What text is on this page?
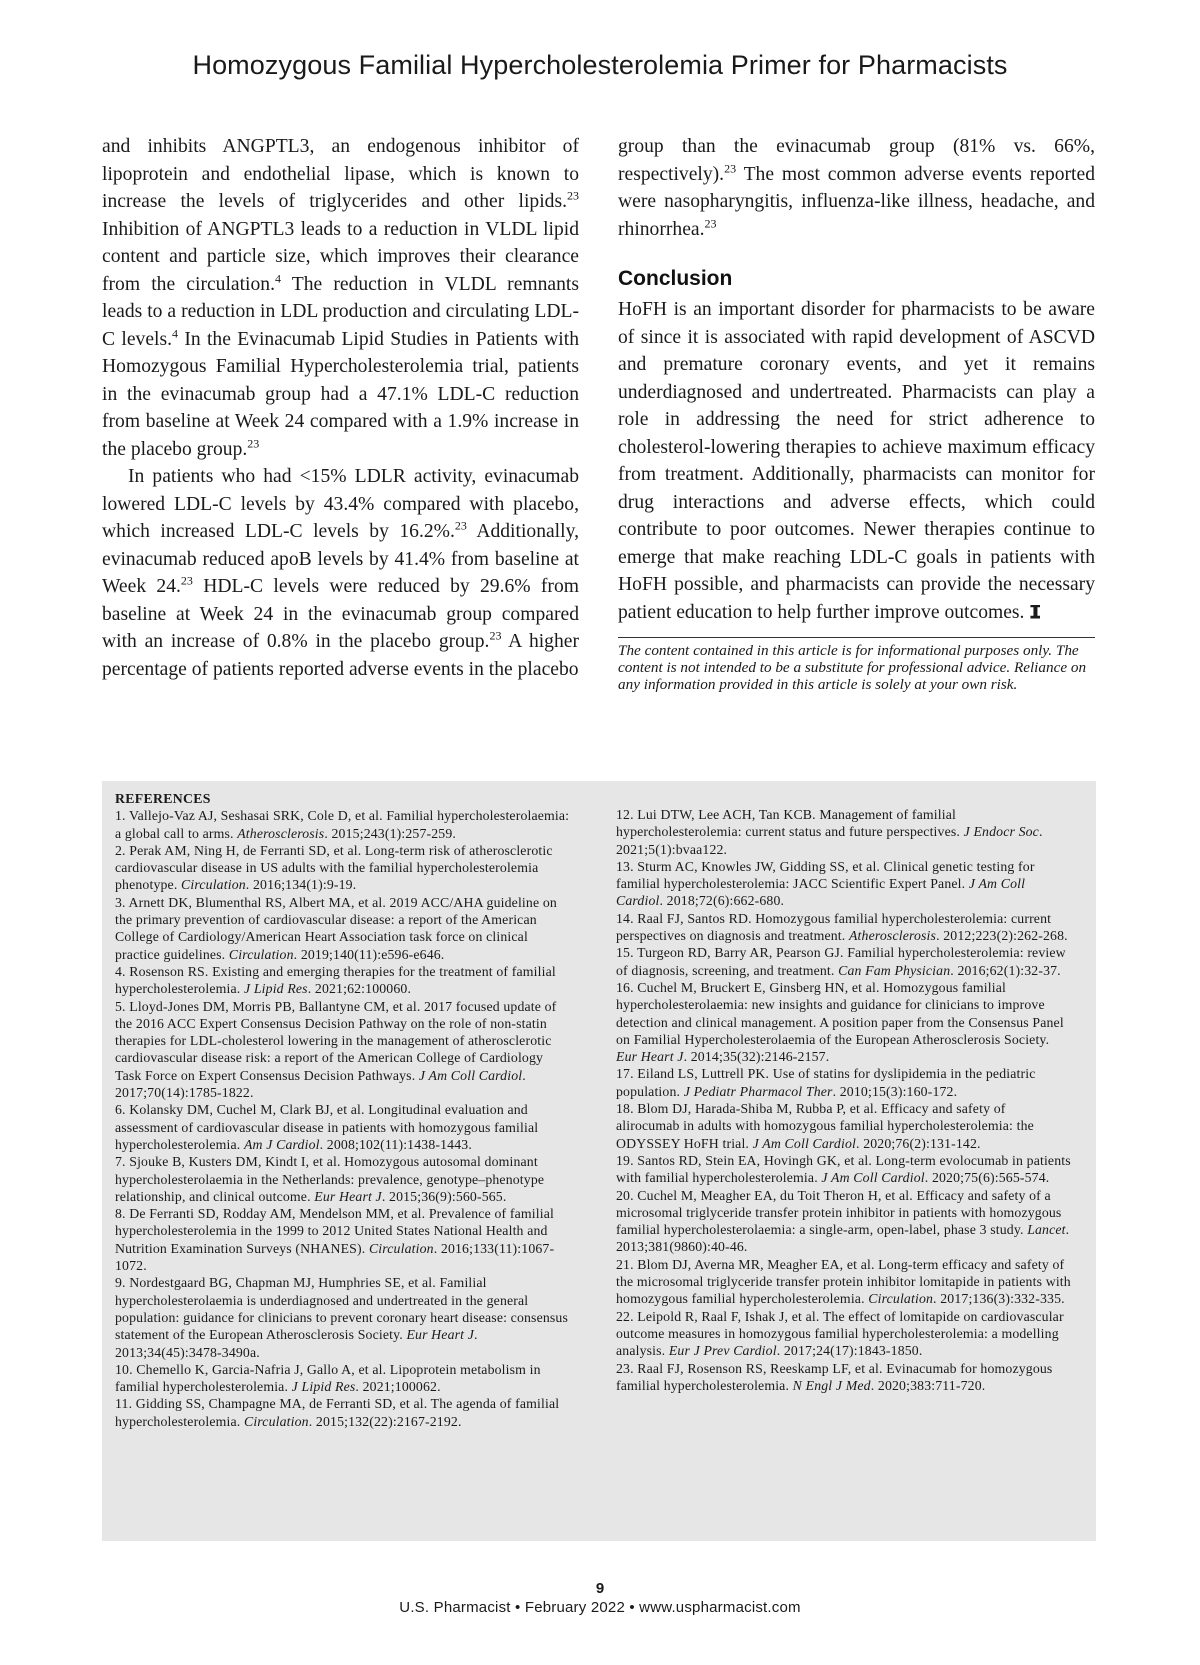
Homozygous Familial Hypercholesterolemia Primer for Pharmacists

and inhibits ANGPTL3, an endogenous inhibitor of lipoprotein and endothelial lipase, which is known to increase the levels of triglycerides and other lipids.$^{23}$ Inhibition of ANGPTL3 leads to a reduction in VLDL lipid content and particle size, which improves their clearance from the circulation.$^4$ The reduction in VLDL remnants leads to a reduction in LDL production and circulating LDL-C levels.$^4$ In the Evinacumab Lipid Studies in Patients with Homozygous Familial Hypercholesterolemia trial, patients in the evinacumab group had a 47.1% LDL-C reduction from baseline at Week 24 compared with a 1.9% increase in the placebo group.$^{23}$

In patients who had <15% LDLR activity, evinacumab lowered LDL-C levels by 43.4% compared with placebo, which increased LDL-C levels by 16.2%.$^{23}$ Additionally, evinacumab reduced apoB levels by 41.4% from baseline at Week 24.23 HDL-C levels were reduced by 29.6% from baseline at Week 24 in the evinacumab group compared with an increase of 0.8% in the placebo group.$^{23}$ A higher percentage of patients reported adverse events in the placebo

group than the evinacumab group (81% vs. 66%, respectively).$^{23}$ The most common adverse events reported were nasopharyngitis, influenza-like illness, headache, and rhinorrhea.$^{23}$

Conclusion

HoFH is an important disorder for pharmacists to be aware of since it is associated with rapid development of ASCVD and premature coronary events, and yet it remains underdiagnosed and undertreated. Pharmacists can play a role in addressing the need for strict adherence to cholesterol-lowering therapies to achieve maximum efficacy from treatment. Additionally, pharmacists can monitor for drug interactions and adverse effects, which could contribute to poor outcomes. Newer therapies continue to emerge that make reaching LDL-C goals in patients with HoFH possible, and pharmacists can provide the necessary patient education to help further improve outcomes.

The content contained in this article is for informational purposes only. The content is not intended to be a substitute for professional advice. Reliance on any information provided in this article is solely at your own risk.
REFERENCES

1. Vallejo-Vaz AJ, Seshasai SRK, Cole D, et al. Familial hypercholesterolaemia: a global call to arms. Atherosclerosis. 2015;243(1):257-259.

2. Perak AM, Ning H, de Ferranti SD, et al. Long-term risk of atherosclerotic cardiovascular disease in US adults with the familial hypercholesterolemia phenotype. Circulation. 2016;134(1):9-19.

3. Arnett DK, Blumenthal RS, Albert MA, et al. 2019 ACC/AHA guideline on the primary prevention of cardiovascular disease: a report of the American College of Cardiology/American Heart Association task force on clinical practice guidelines. Circulation. 2019;140(11):e596-e646.

4. Rosenson RS. Existing and emerging therapies for the treatment of familial hypercholesterolemia. J Lipid Res. 2021;62:100060.

5. Lloyd-Jones DM, Morris PB, Ballantyne CM, et al. 2017 focused update of the 2016 ACC Expert Consensus Decision Pathway on the role of non-statin therapies for LDL-cholesterol lowering in the management of atherosclerotic cardiovascular disease risk: a report of the American College of Cardiology Task Force on Expert Consensus Decision Pathways. J Am Coll Cardiol. 2017;70(14):1785-1822.

6. Kolansky DM, Cuchel M, Clark BJ, et al. Longitudinal evaluation and assessment of cardiovascular disease in patients with homozygous familial hypercholesterolemia. Am J Cardiol. 2008;102(11):1438-1443.

7. Sjouke B, Kusters DM, Kindt I, et al. Homozygous autosomal dominant hypercholesterolaemia in the Netherlands: prevalence, genotype–phenotype relationship, and clinical outcome. Eur Heart J. 2015;36(9):560-565.

8. De Ferranti SD, Rodday AM, Mendelson MM, et al. Prevalence of familial hypercholesterolemia in the 1999 to 2012 United States National Health and Nutrition Examination Surveys (NHANES). Circulation. 2016;133(11):1067-1072.

9. Nordestgaard BG, Chapman MJ, Humphries SE, et al. Familial hypercholesterolaemia is underdiagnosed and undertreated in the general population: guidance for clinicians to prevent coronary heart disease: consensus statement of the European Atherosclerosis Society. Eur Heart J. 2013;34(45):3478-3490a.

10. Chemello K, Garcia-Nafria J, Gallo A, et al. Lipoprotein metabolism in familial hypercholesterolemia. J Lipid Res. 2021;100062.

11. Gidding SS, Champagne MA, de Ferranti SD, et al. The agenda of familial hypercholesterolemia. Circulation. 2015;132(22):2167-2192.

12. Lui DTW, Lee ACH, Tan KCB. Management of familial hypercholesterolemia: current status and future perspectives. J Endocr Soc. 2021;5(1):bvaa122.

13. Sturm AC, Knowles JW, Gidding SS, et al. Clinical genetic testing for familial hypercholesterolemia: JACC Scientific Expert Panel. J Am Coll Cardiol. 2018;72(6):662-680.

14. Raal FJ, Santos RD. Homozygous familial hypercholesterolemia: current perspectives on diagnosis and treatment. Atherosclerosis. 2012;223(2):262-268.

15. Turgeon RD, Barry AR, Pearson GJ. Familial hypercholesterolemia: review of diagnosis, screening, and treatment. Can Fam Physician. 2016;62(1):32-37.

16. Cuchel M, Bruckert E, Ginsberg HN, et al. Homozygous familial hypercholesterolaemia: new insights and guidance for clinicians to improve detection and clinical management. A position paper from the Consensus Panel on Familial Hypercholesterolaemia of the European Atherosclerosis Society. Eur Heart J. 2014;35(32):2146-2157.

17. Eiland LS, Luttrell PK. Use of statins for dyslipidemia in the pediatric population. J Pediatr Pharmacol Ther. 2010;15(3):160-172.

18. Blom DJ, Harada-Shiba M, Rubba P, et al. Efficacy and safety of alirocumab in adults with homozygous familial hypercholesterolemia: the ODYSSEY HoFH trial. J Am Coll Cardiol. 2020;76(2):131-142.

19. Santos RD, Stein EA, Hovingh GK, et al. Long-term evolocumab in patients with familial hypercholesterolemia. J Am Coll Cardiol. 2020;75(6):565-574.

20. Cuchel M, Meagher EA, du Toit Theron H, et al. Efficacy and safety of a microsomal triglyceride transfer protein inhibitor in patients with homozygous familial hypercholesterolaemia: a single-arm, open-label, phase 3 study. Lancet. 2013;381(9860):40-46.

21. Blom DJ, Averna MR, Meagher EA, et al. Long-term efficacy and safety of the microsomal triglyceride transfer protein inhibitor lomitapide in patients with homozygous familial hypercholesterolemia. Circulation. 2017;136(3):332-335.

22. Leipold R, Raal F, Ishak J, et al. The effect of lomitapide on cardiovascular outcome measures in homozygous familial hypercholesterolemia: a modelling analysis. Eur J Prev Cardiol. 2017;24(17):1843-1850.

23. Raal FJ, Rosenson RS, Reeskamp LF, et al. Evinacumab for homozygous familial hypercholesterolemia. N Engl J Med. 2020;383:711-720.

9
U.S. Pharmacist • February 2022 • www.uspharmacist.com
